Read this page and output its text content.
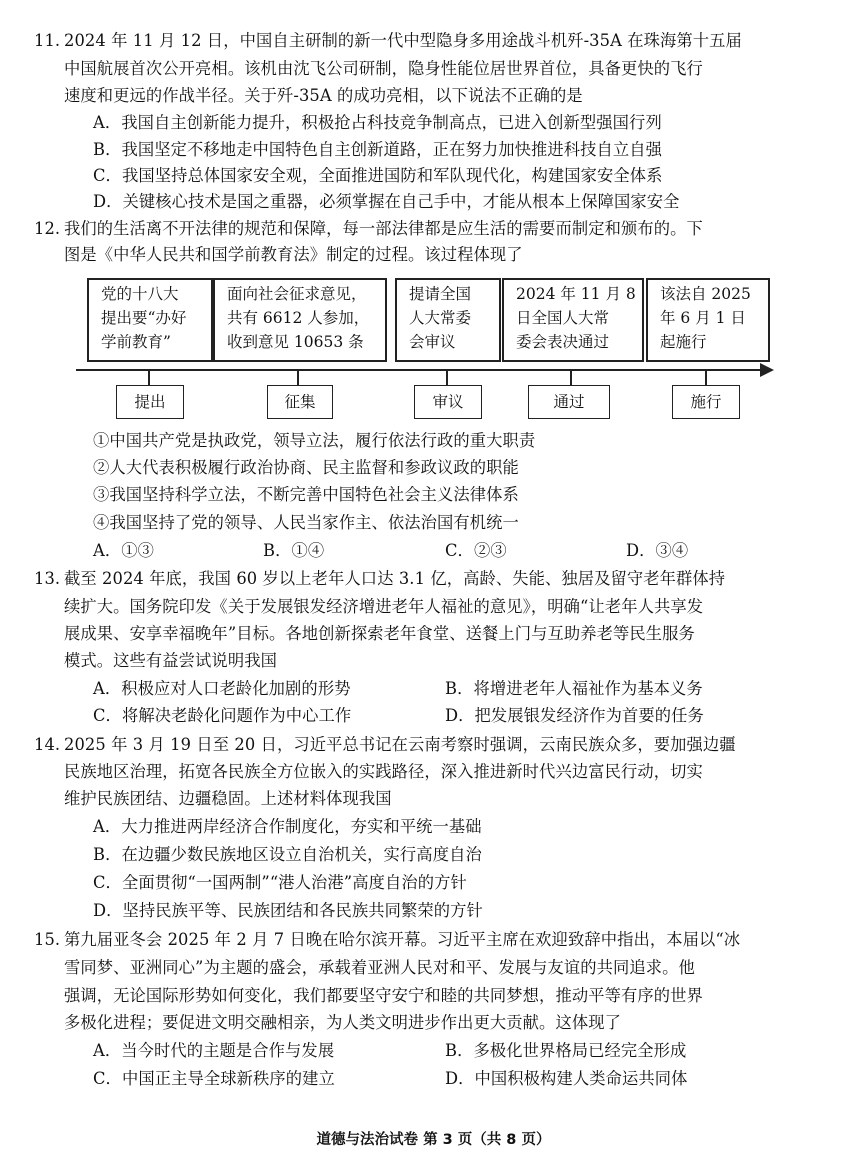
11. 2024 年 11 月 12 日，中国自主研制的新一代中型隐身多用途战斗机歼-35A 在珠海第十五届
中国航展首次公开亮相。该机由沈飞公司研制，隐身性能位居世界首位，具备更快的飞行
速度和更远的作战半径。关于歼-35A 的成功亮相，以下说法不正确的是
A．我国自主创新能力提升，积极抢占科技竞争制高点，已进入创新型强国行列
B．我国坚定不移地走中国特色自主创新道路，正在努力加快推进科技自立自强
C．我国坚持总体国家安全观，全面推进国防和军队现代化，构建国家安全体系
D．关键核心技术是国之重器，必须掌握在自己手中，才能从根本上保障国家安全
12. 我们的生活离不开法律的规范和保障，每一部法律都是应生活的需要而制定和颁布的。下
图是《中华人民共和国学前教育法》制定的过程。该过程体现了
党的十八大
提出要“办好
学前教育”
面向社会征求意见，
共有 6612 人参加，
收到意见 10653 条
提请全国
人大常委
会审议
2024 年 11 月 8
日全国人大常
委会表决通过
该法自 2025
年 6 月 1 日
起施行
提出	征集	审议	通过	施行
①中国共产党是执政党，领导立法，履行依法行政的重大职责
②人大代表积极履行政治协商、民主监督和参政议政的职能
③我国坚持科学立法，不断完善中国特色社会主义法律体系
④我国坚持了党的领导、人民当家作主、依法治国有机统一
A．①③	B．①④	C．②③	D．③④
13. 截至 2024 年底，我国 60 岁以上老年人口达 3.1 亿，高龄、失能、独居及留守老年群体持
续扩大。国务院印发《关于发展银发经济增进老年人福祉的意见》，明确“让老年人共享发
展成果、安享幸福晚年”目标。各地创新探索老年食堂、送餐上门与互助养老等民生服务
模式。这些有益尝试说明我国
A．积极应对人口老龄化加剧的形势	B．将增进老年人福祉作为基本义务
C．将解决老龄化问题作为中心工作	D．把发展银发经济作为首要的任务
14. 2025 年 3 月 19 日至 20 日，习近平总书记在云南考察时强调，云南民族众多，要加强边疆
民族地区治理，拓宽各民族全方位嵌入的实践路径，深入推进新时代兴边富民行动，切实
维护民族团结、边疆稳固。上述材料体现我国
A．大力推进两岸经济合作制度化，夯实和平统一基础
B．在边疆少数民族地区设立自治机关，实行高度自治
C．全面贯彻“一国两制”“港人治港”高度自治的方针
D．坚持民族平等、民族团结和各民族共同繁荣的方针
15. 第九届亚冬会 2025 年 2 月 7 日晚在哈尔滨开幕。习近平主席在欢迎致辞中指出，本届以“冰
雪同梦、亚洲同心”为主题的盛会，承载着亚洲人民对和平、发展与友谊的共同追求。他
强调，无论国际形势如何变化，我们都要坚守安宁和睦的共同梦想，推动平等有序的世界
多极化进程；要促进文明交融相亲，为人类文明进步作出更大贡献。这体现了
A．当今时代的主题是合作与发展	B．多极化世界格局已经完全形成
C．中国正主导全球新秩序的建立	D．中国积极构建人类命运共同体
道德与法治试卷 第 3 页（共 8 页）
